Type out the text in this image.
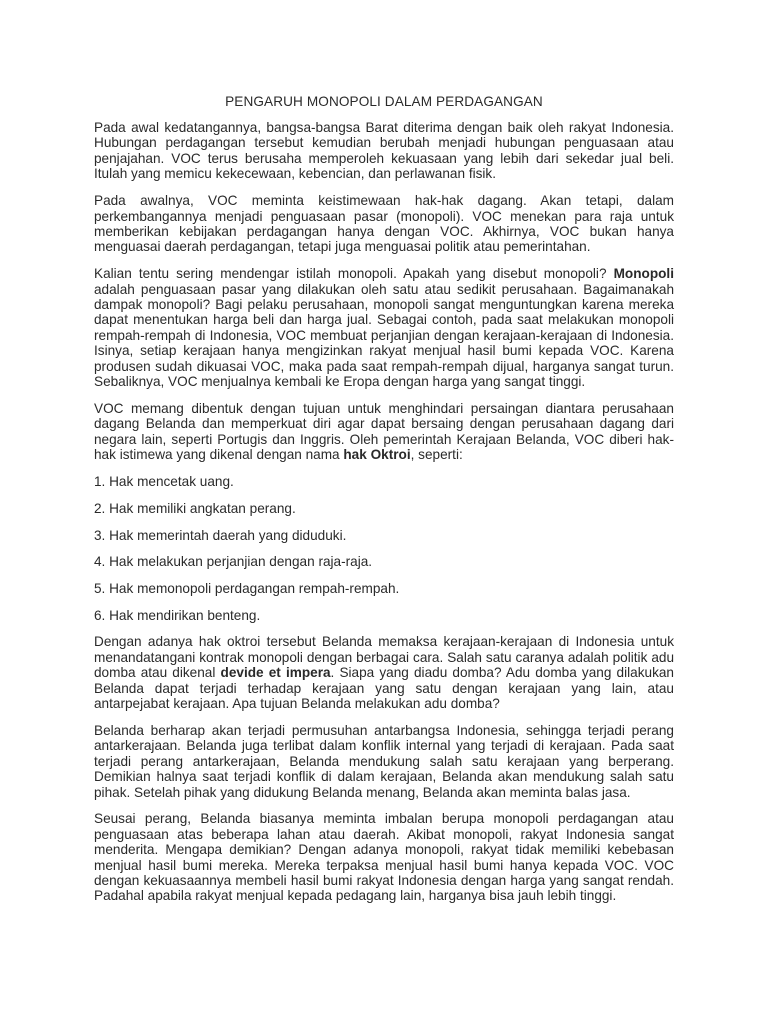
PENGARUH MONOPOLI DALAM PERDAGANGAN

Pada awal kedatangannya, bangsa-bangsa Barat diterima dengan baik oleh rakyat Indonesia. Hubungan perdagangan tersebut kemudian berubah menjadi hubungan penguasaan atau penjajahan. VOC terus berusaha memperoleh kekuasaan yang lebih dari sekedar jual beli. Itulah yang memicu kekecewaan, kebencian, dan perlawanan fisik.

Pada awalnya, VOC meminta keistimewaan hak-hak dagang. Akan tetapi, dalam perkembangannya menjadi penguasaan pasar (monopoli). VOC menekan para raja untuk memberikan kebijakan perdagangan hanya dengan VOC. Akhirnya, VOC bukan hanya menguasai daerah perdagangan, tetapi juga menguasai politik atau pemerintahan.

Kalian tentu sering mendengar istilah monopoli. Apakah yang disebut monopoli? Monopoli adalah penguasaan pasar yang dilakukan oleh satu atau sedikit perusahaan. Bagaimanakah dampak monopoli? Bagi pelaku perusahaan, monopoli sangat menguntungkan karena mereka dapat menentukan harga beli dan harga jual. Sebagai contoh, pada saat melakukan monopoli rempah-rempah di Indonesia, VOC membuat perjanjian dengan kerajaan-kerajaan di Indonesia. Isinya, setiap kerajaan hanya mengizinkan rakyat menjual hasil bumi kepada VOC. Karena produsen sudah dikuasai VOC, maka pada saat rempah-rempah dijual, harganya sangat turun. Sebaliknya, VOC menjualnya kembali ke Eropa dengan harga yang sangat tinggi.

VOC memang dibentuk dengan tujuan untuk menghindari persaingan diantara perusahaan dagang Belanda dan memperkuat diri agar dapat bersaing dengan perusahaan dagang dari negara lain, seperti Portugis dan Inggris. Oleh pemerintah Kerajaan Belanda, VOC diberi hak-hak istimewa yang dikenal dengan nama hak Oktroi, seperti:

1. Hak mencetak uang.
2. Hak memiliki angkatan perang.
3. Hak memerintah daerah yang diduduki.
4. Hak melakukan perjanjian dengan raja-raja.
5. Hak memonopoli perdagangan rempah-rempah.
6. Hak mendirikan benteng.

Dengan adanya hak oktroi tersebut Belanda memaksa kerajaan-kerajaan di Indonesia untuk menandatangani kontrak monopoli dengan berbagai cara. Salah satu caranya adalah politik adu domba atau dikenal devide et impera. Siapa yang diadu domba? Adu domba yang dilakukan Belanda dapat terjadi terhadap kerajaan yang satu dengan kerajaan yang lain, atau antarpejabat kerajaan. Apa tujuan Belanda melakukan adu domba?

Belanda berharap akan terjadi permusuhan antarbangsa Indonesia, sehingga terjadi perang antarkerajaan. Belanda juga terlibat dalam konflik internal yang terjadi di kerajaan. Pada saat terjadi perang antarkerajaan, Belanda mendukung salah satu kerajaan yang berperang. Demikian halnya saat terjadi konflik di dalam kerajaan, Belanda akan mendukung salah satu pihak. Setelah pihak yang didukung Belanda menang, Belanda akan meminta balas jasa.

Seusai perang, Belanda biasanya meminta imbalan berupa monopoli perdagangan atau penguasaan atas beberapa lahan atau daerah. Akibat monopoli, rakyat Indonesia sangat menderita. Mengapa demikian? Dengan adanya monopoli, rakyat tidak memiliki kebebasan menjual hasil bumi mereka. Mereka terpaksa menjual hasil bumi hanya kepada VOC. VOC dengan kekuasaannya membeli hasil bumi rakyat Indonesia dengan harga yang sangat rendah. Padahal apabila rakyat menjual kepada pedagang lain, harganya bisa jauh lebih tinggi.
